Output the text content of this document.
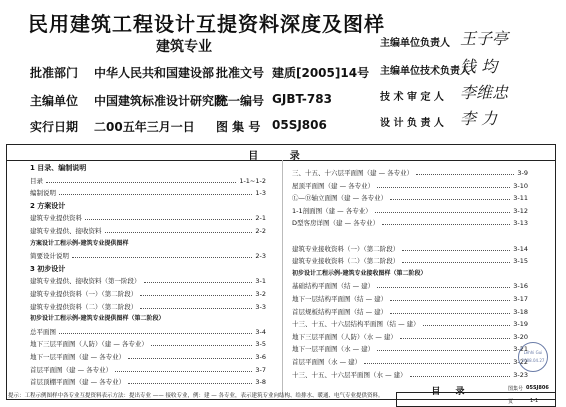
民用建筑工程设计互提资料深度及图样
建筑专业
批准部门 中华人民共和国建设部 批准文号 建质[2005]14号
主编单位 中国建筑标准设计研究院
统一编号 GJBT-783
实行日期 二00五年三月一日 图 集 号 05SJ806
主编单位负责人 王子亭
主编单位技术负责人
钱 均
技 术 审 定 人 李维忠
设 计 负 责 人 李 力
目 录
1 目录、编制说明
目录	1-1~1-2
编制说明	1-3
2 方案设计
建筑专业提供资料	2-1
建筑专业提供、接收资料	2-2
方案设计工程示例-建筑专业提供图样
简要设计说明	2-3
3 初步设计
建筑专业提供、接收资料（第一阶段）	3-1
建筑专业提供资料（一）（第二阶段）	3-2
建筑专业提供资料（二）（第二阶段）	3-3
初步设计工程示例-建筑专业提供图样（第二阶段）
总平面图	3-4
地下三层平面图（人防）（建 — 各专业）	3-5
地下一层平面图（建 — 各专业）	3-6
首层平面图（建 — 各专业）	3-7
首层顶棚平面图（建 — 各专业）	3-8
三、十五、十六层平面图（建 — 各专业）	3-9
屋顶平面图（建 — 各专业）	3-10
Ⓛ—Ⓓ轴立面图（建 — 各专业）	3-11
1-1剖面图（建 — 各专业）	3-12
D型客房详图（建 — 各专业）	3-13
建筑专业接收资料（一）（第二阶段）	3-14
建筑专业接收资料（二）（第二阶段）	3-15
初步设计工程示例-建筑专业接收图样（第二阶段）
基础结构平面图（结 — 建）	3-16
地下一层结构平面图（结 — 建）	3-17
首层规板结构平面图（结 — 建）	3-18
十三、十五、十六层结构平面图（结 — 建）	3-19
地下三层平面图（人防）（水 — 建）	3-20
地下一层平面图（水 — 建）	3-21
首层平面图（水 — 建）	3-22
十三、十五、十六层平面图（水 — 建）	3-23
Lehhi Gui
2008.04.27
提示：工程示例图样中各专业互提资料表示方法：提出专业 —— 接收专业，例：建 — 各专业，表示建筑专业向结构、给排水、暖通、电气专业提供资料。	目 录	图集号 05SJ806
页	1-1
